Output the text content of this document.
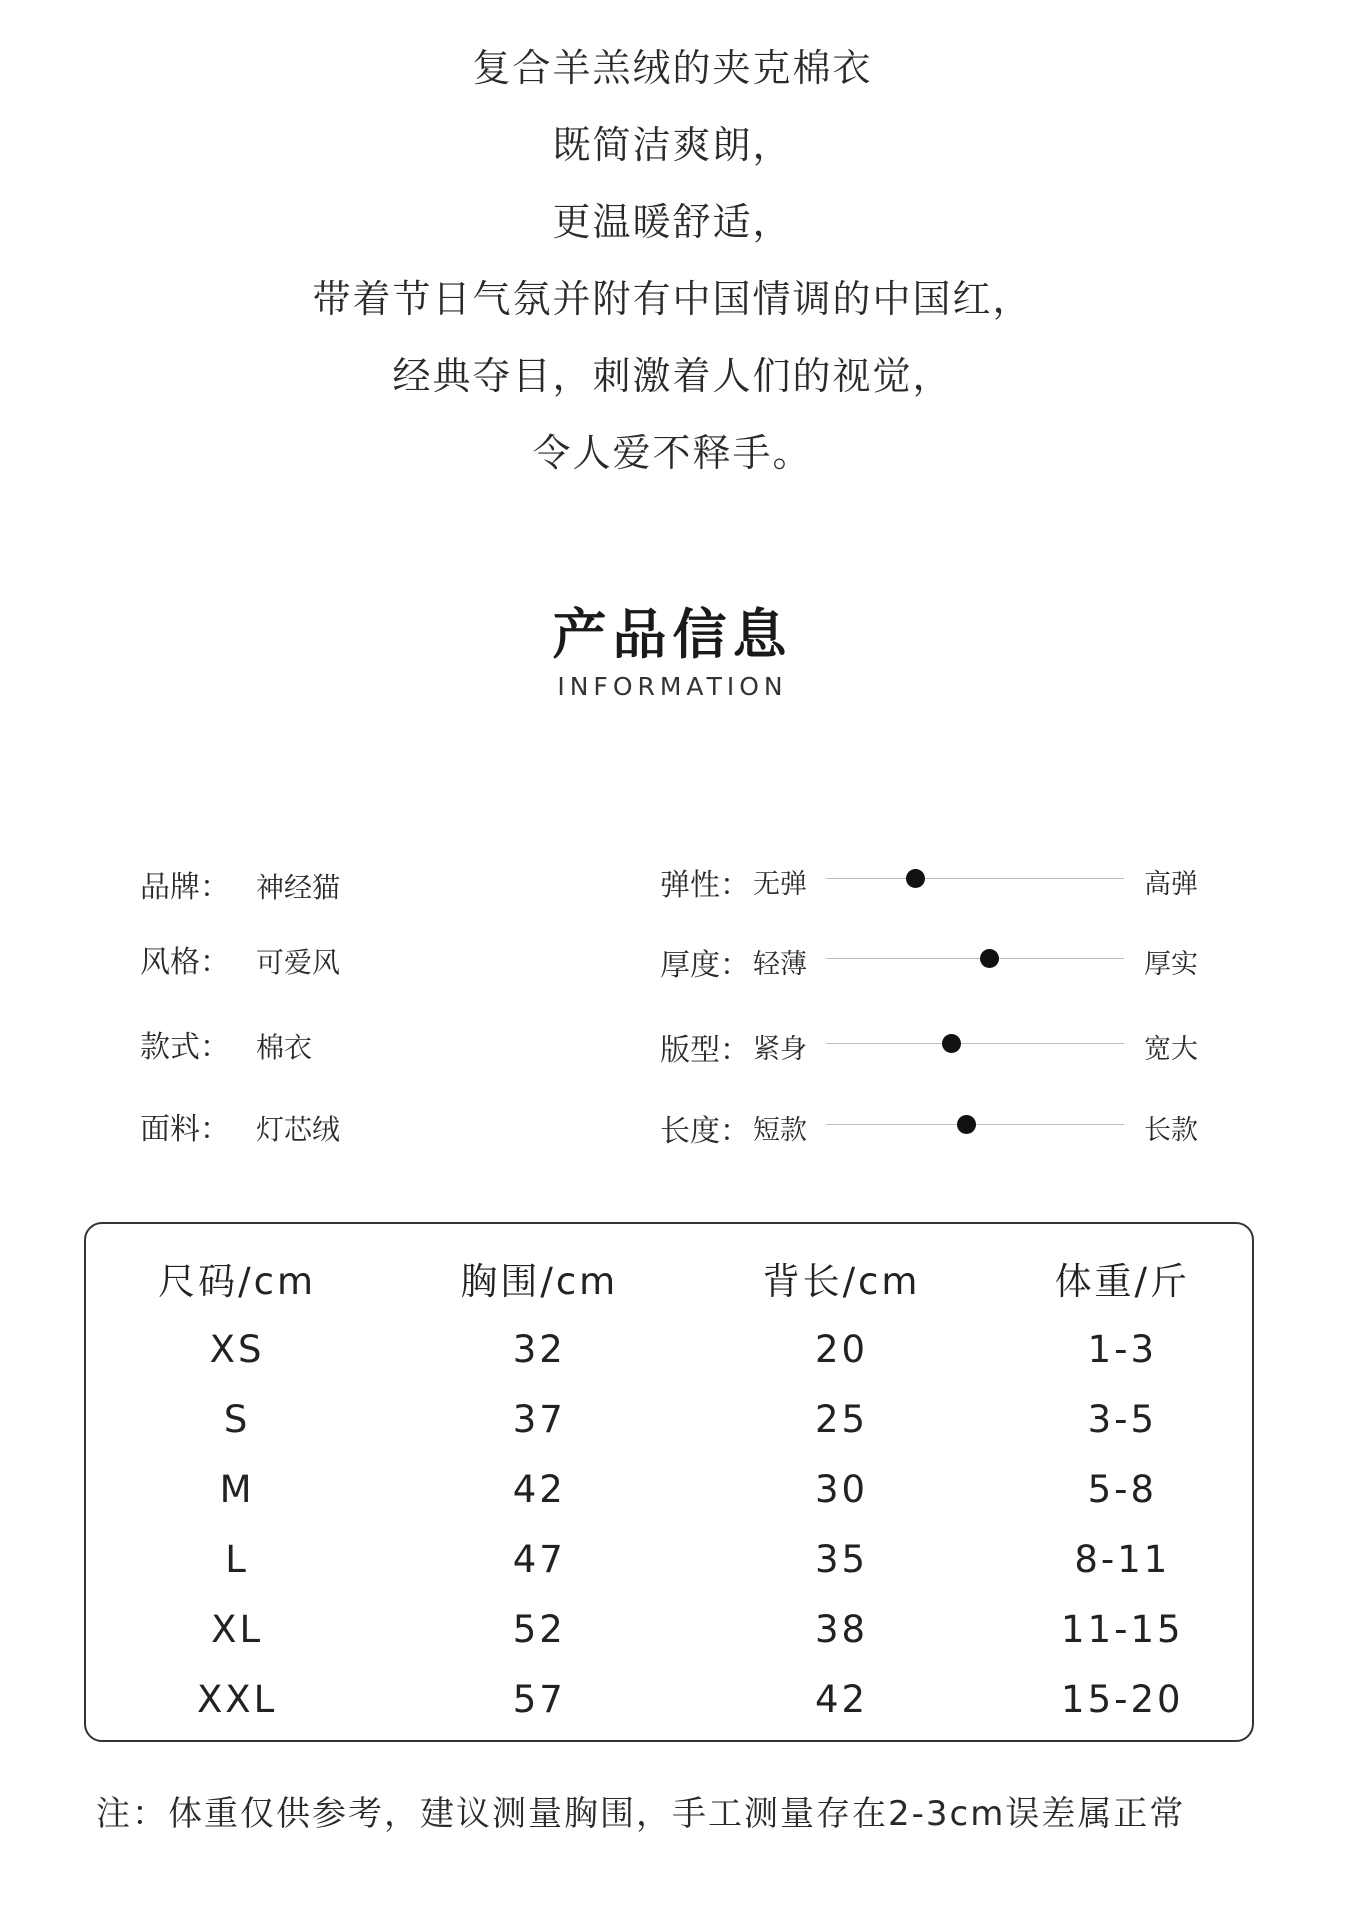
复合羊羔绒的夹克棉衣

既简洁爽朗，

更温暖舒适，

带着节日气氛并附有中国情调的中国红，

经典夺目，刺激着人们的视觉，

令人爱不释手。

产品信息
INFORMATION
品牌： 神经猫
风格： 可爱风
款式： 棉衣
面料： 灯芯绒
弹性： 无弹	高弹
厚度： 轻薄	厚实
版型： 紧身	宽大
长度： 短款	长款
尺码/cm	胸围/cm	背长/cm	体重/斤
XS	32	20	1-3
S	37	25	3-5
M	42	30	5-8
L	47	35	8-11
XL	52	38	11-15
XXL	57	42	15-20
注：体重仅供参考，建议测量胸围，手工测量存在2-3cm误差属正常
